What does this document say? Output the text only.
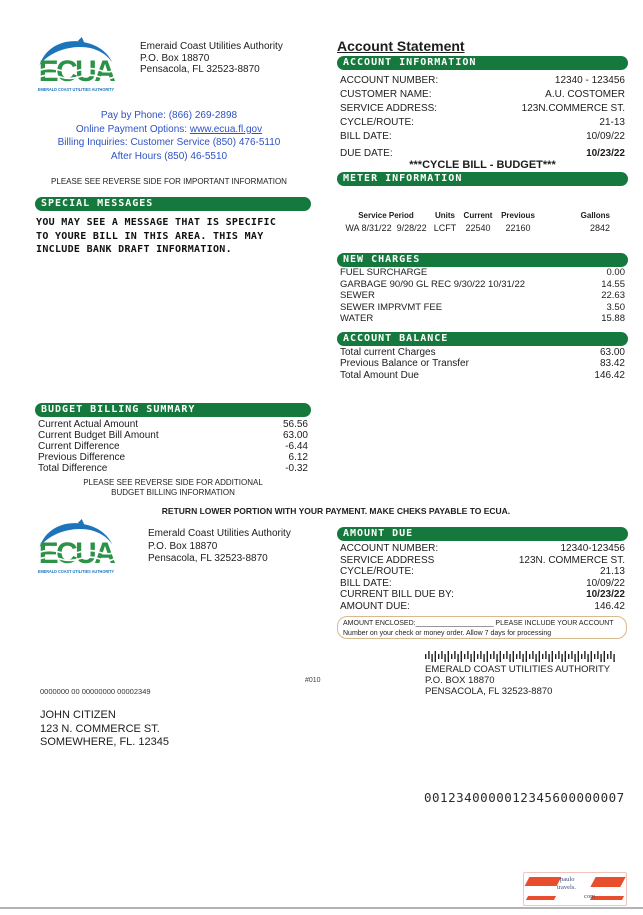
ECUA
EMERALD COAST UTILITIES AUTHORITY
Emeraid Coast Utilities Authority
P.O. Box 18870
Pensacola, FL 32523-8870
Pay by Phone: (866) 269-2898
Online Payment Options: www.ecua.fl.gov
Billing Inquiries: Customer Service (850) 476-5110
After Hours (850) 46-5510
PLEASE SEE REVERSE SIDE FOR IMPORTANT INFORMATION
SPECIAL MESSAGES
YOU MAY SEE A MESSAGE THAT IS SPECIFIC
TO YOURE BILL IN THIS AREA. THIS MAY
INCLUDE BANK DRAFT INFORMATION.
Account Statement
ACCOUNT INFORMATION
ACCOUNT NUMBER:	12340 - 123456
CUSTOMER NAME:	A.U. COSTOMER
SERVICE ADDRESS:	123N.COMMERCE ST.
CYCLE/ROUTE:	21-13
BILL DATE:	10/09/22
DUE DATE:	10/23/22
***CYCLE BILL - BUDGET***
METER INFORMATION
Service Period	Units	Current	Previous	Gallons
WA 8/31/22  9/28/22 LCFT	22540	22160	2842
NEW CHARGES
FUEL SURCHARGE	0.00
GARBAGE 90/90 GL REC 9/30/22 10/31/22	14.55
SEWER	22.63
SEWER IMPRVMT FEE	3.50
WATER	15.88
ACCOUNT BALANCE
Total current Charges	63.00
Previous Balance or Transfer	83.42
Total Amount Due	146.42
BUDGET BILLING SUMMARY
Current Actual Amount	56.56
Current Budget Bill Amount	63.00
Current Difference	-6.44
Previous Difference	6.12
Total Difference	-0.32
PLEASE SEE REVERSE SIDE FOR ADDITIONAL
BUDGET BILLING INFORMATION
RETURN LOWER PORTION WITH YOUR PAYMENT. MAKE CHEKS PAYABLE TO ECUA.
ECUA
EMERALD COAST UTILITIES AUTHORITY
Emerald Coast Utilities Authority
P.O. Box 18870
Pensacola, FL 32523-8870
AMOUNT DUE
ACCOUNT NUMBER:	12340-123456
SERVICE ADDRESS	123N. COMMERCE ST.
CYCLE/ROUTE:	21.13
BILL DATE:	10/09/22
CURRENT BILL DUE BY:	10/23/22
AMOUNT DUE:	146.42
AMOUNT ENCLOSED:____________________ PLEASE INCLUDE YOUR ACCOUNT
Number on your check or money order. Allow 7 days for processing
#010
EMERALD COAST UTILITIES AUTHORITY
P.O. BOX 18870
PENSACOLA, FL 32523-8870
0000000 00 00000000 00002349
JOHN CITIZEN
123 N. COMMERCE ST.
SOMEWHERE, FL. 12345
0012340000012345600000007
paulo
travels.
com
